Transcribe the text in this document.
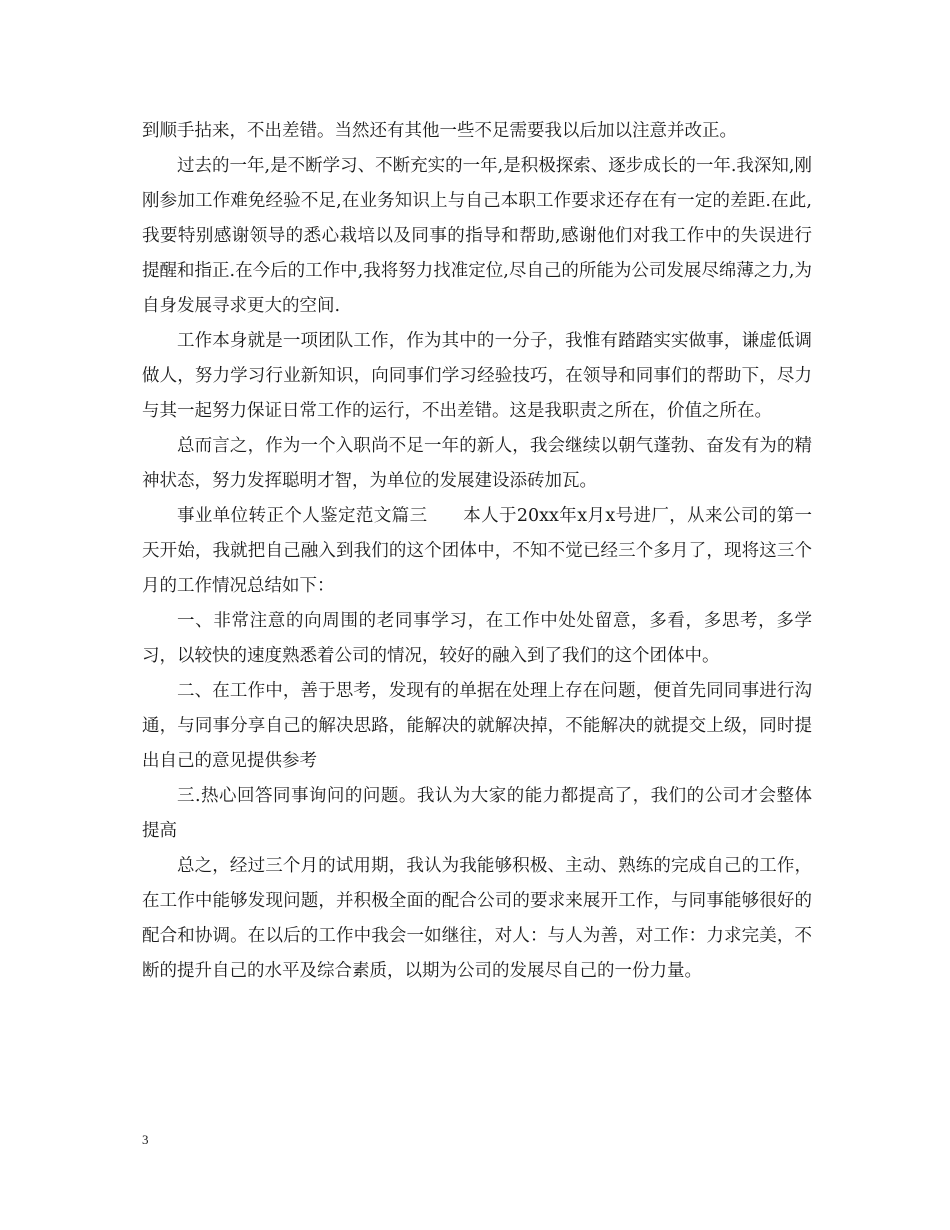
到顺手拈来，不出差错。当然还有其他一些不足需要我以后加以注意并改正。

过去的一年,是不断学习、不断充实的一年,是积极探索、逐步成长的一年.我深知,刚刚参加工作难免经验不足,在业务知识上与自己本职工作要求还存在有一定的差距.在此,我要特别感谢领导的悉心栽培以及同事的指导和帮助,感谢他们对我工作中的失误进行提醒和指正.在今后的工作中,我将努力找准定位,尽自己的所能为公司发展尽绵薄之力,为自身发展寻求更大的空间.

工作本身就是一项团队工作，作为其中的一分子，我惟有踏踏实实做事，谦虚低调做人，努力学习行业新知识，向同事们学习经验技巧，在领导和同事们的帮助下，尽力与其一起努力保证日常工作的运行，不出差错。这是我职责之所在，价值之所在。

总而言之，作为一个入职尚不足一年的新人，我会继续以朝气蓬勃、奋发有为的精神状态，努力发挥聪明才智，为单位的发展建设添砖加瓦。

事业单位转正个人鉴定范文篇三　　本人于20xx年x月x号进厂，从来公司的第一天开始，我就把自己融入到我们的这个团体中，不知不觉已经三个多月了，现将这三个月的工作情况总结如下：

一、非常注意的向周围的老同事学习，在工作中处处留意，多看，多思考，多学习，以较快的速度熟悉着公司的情况，较好的融入到了我们的这个团体中。

二、在工作中，善于思考，发现有的单据在处理上存在问题，便首先同同事进行沟通，与同事分享自己的解决思路，能解决的就解决掉，不能解决的就提交上级，同时提出自己的意见提供参考

三.热心回答同事询问的问题。我认为大家的能力都提高了，我们的公司才会整体提高

总之，经过三个月的试用期，我认为我能够积极、主动、熟练的完成自己的工作，在工作中能够发现问题，并积极全面的配合公司的要求来展开工作，与同事能够很好的配合和协调。在以后的工作中我会一如继往，对人：与人为善，对工作：力求完美，不断的提升自己的水平及综合素质，以期为公司的发展尽自己的一份力量。

3
